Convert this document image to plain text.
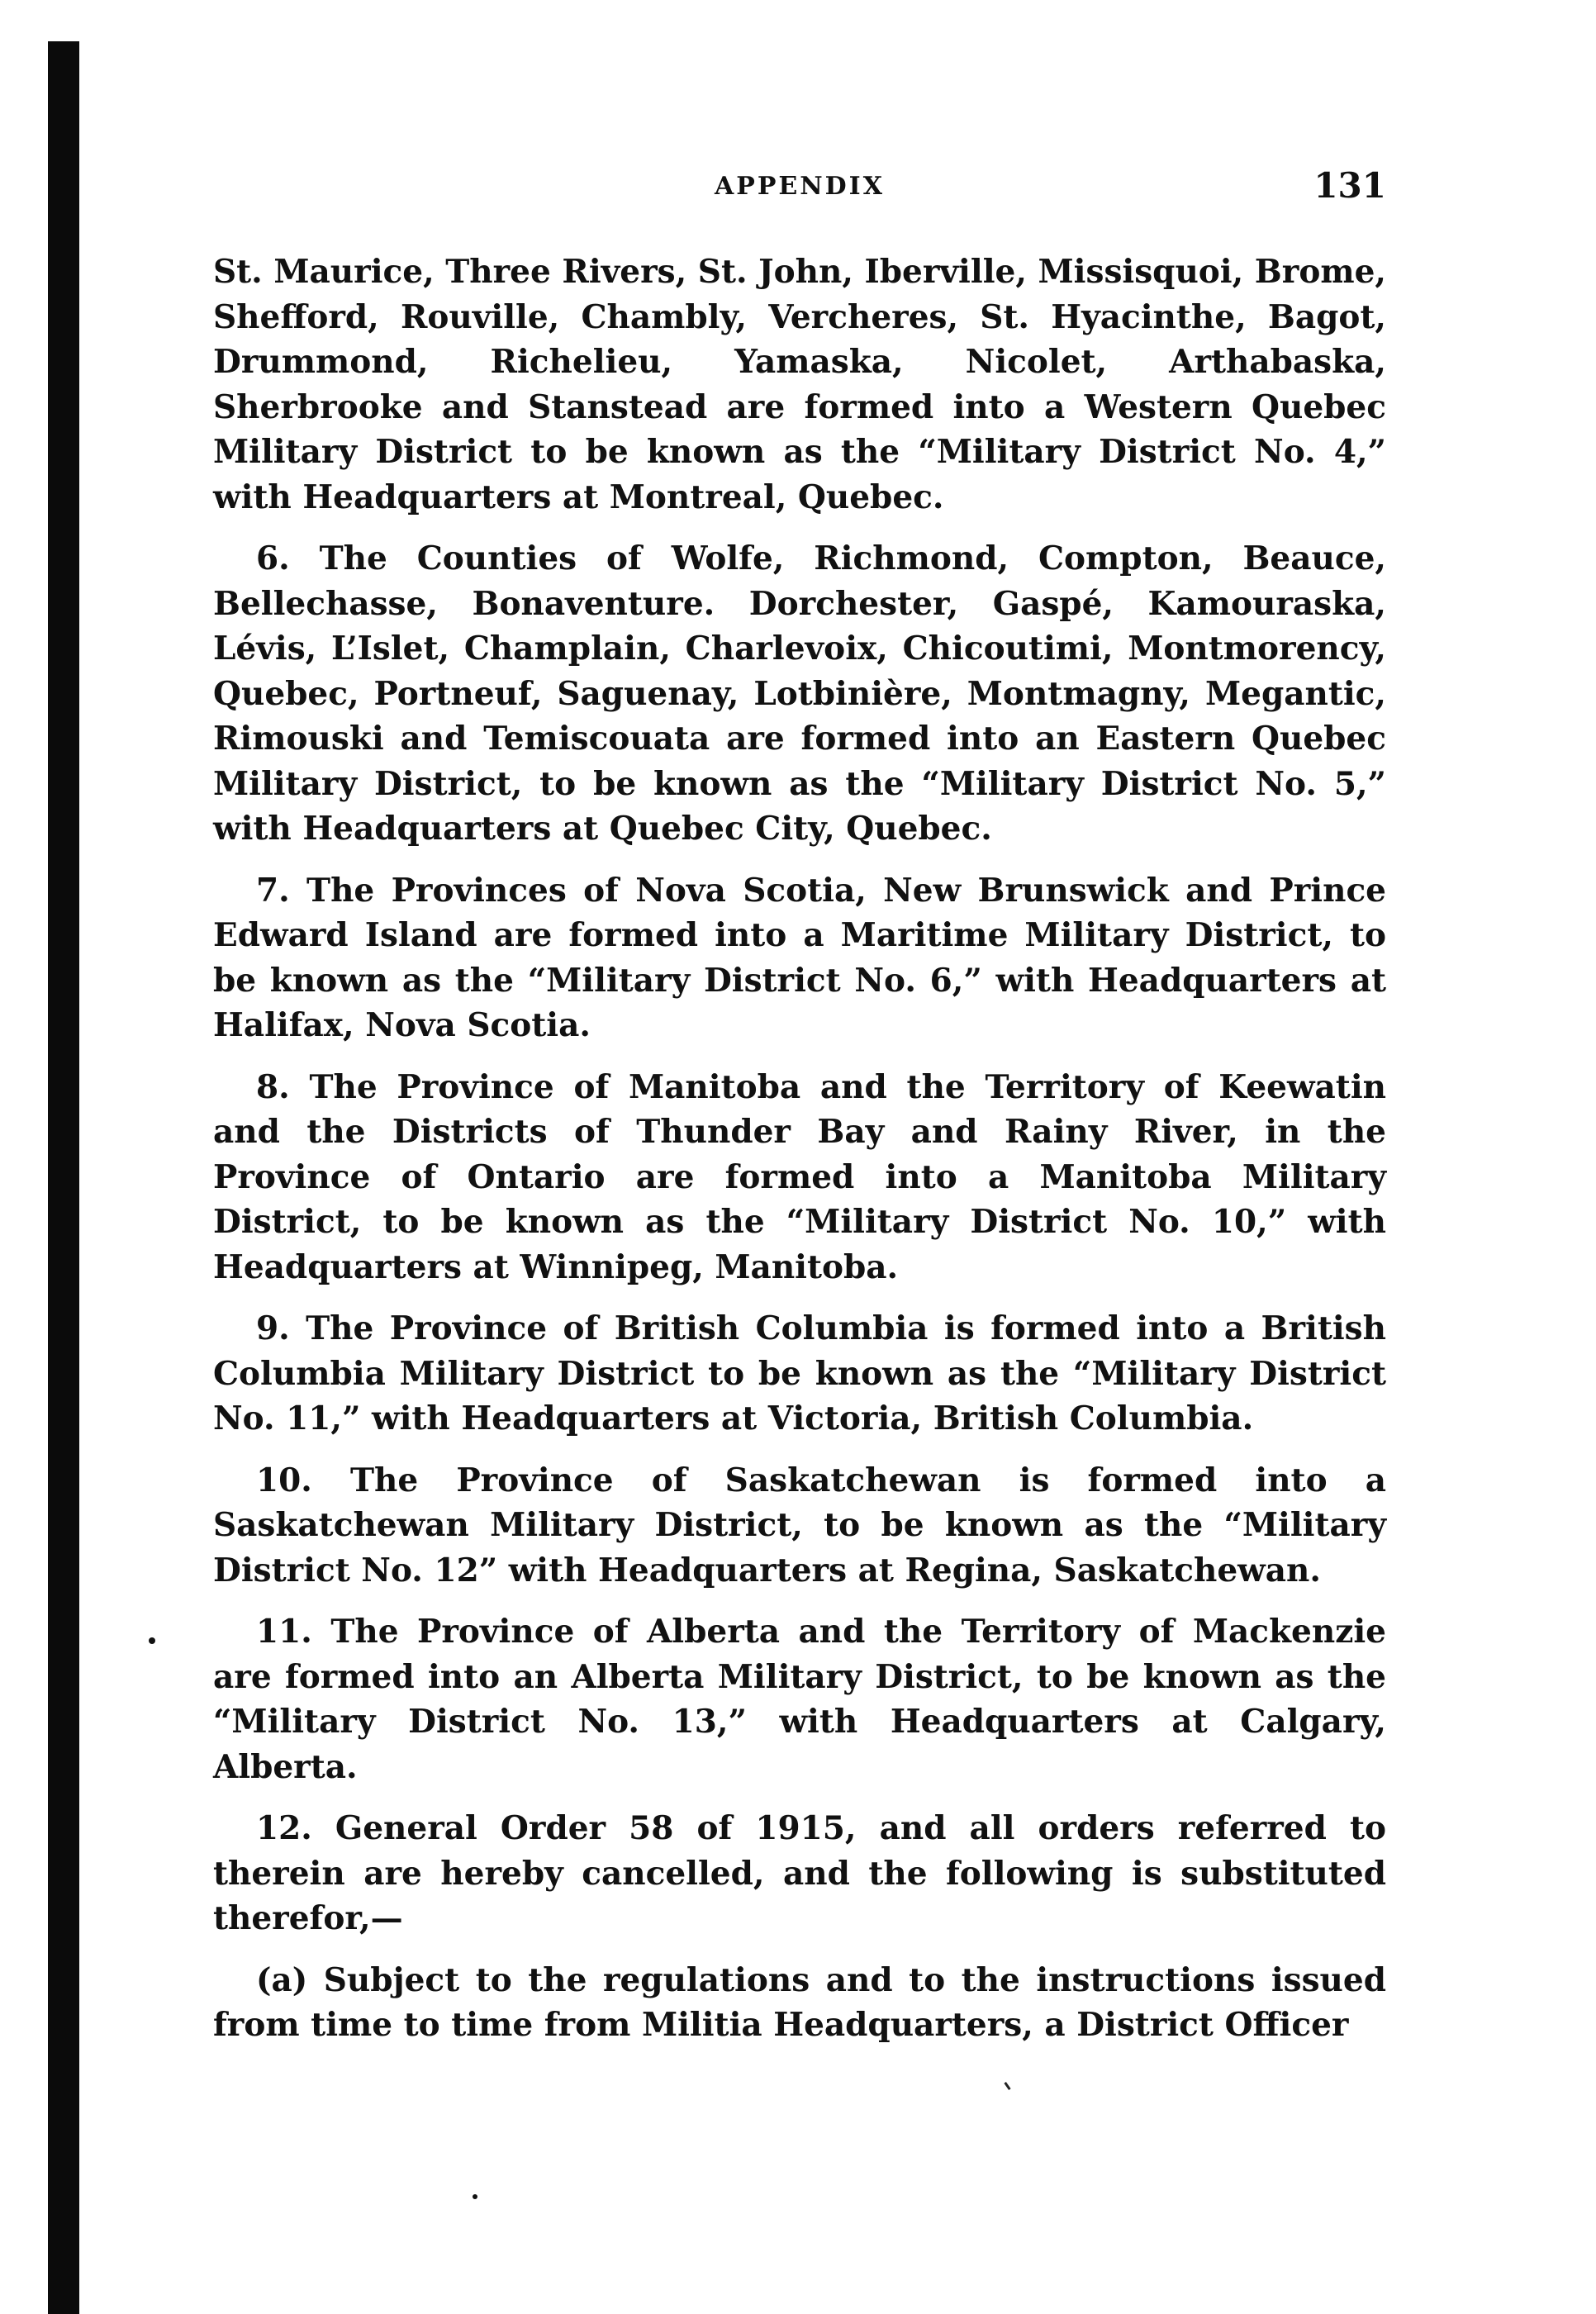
APPENDIX	131

St. Maurice, Three Rivers, St. John, Iberville, Missisquoi, Brome, Shefford, Rouville, Chambly, Vercheres, St. Hyacinthe, Bagot, Drummond, Richelieu, Yamaska, Nicolet, Arthabaska, Sherbrooke and Stanstead are formed into a Western Quebec Military District to be known as the “Military District No. 4,” with Headquarters at Montreal, Quebec.

6. The Counties of Wolfe, Richmond, Compton, Beauce, Bellechasse, Bonaventure. Dorchester, Gaspé, Kamouraska, Lévis, L’Islet, Champlain, Charlevoix, Chicoutimi, Montmorency, Quebec, Portneuf, Saguenay, Lotbinière, Montmagny, Megantic, Rimouski and Temiscouata are formed into an Eastern Quebec Military District, to be known as the “Military District No. 5,” with Headquarters at Quebec City, Quebec.

7. The Provinces of Nova Scotia, New Brunswick and Prince Edward Island are formed into a Maritime Military District, to be known as the “Military District No. 6,” with Headquarters at Halifax, Nova Scotia.

8. The Province of Manitoba and the Territory of Keewatin and the Districts of Thunder Bay and Rainy River, in the Province of Ontario are formed into a Manitoba Military District, to be known as the “Military District No. 10,” with Headquarters at Winnipeg, Manitoba.

9. The Province of British Columbia is formed into a British Columbia Military District to be known as the “Military District No. 11,” with Headquarters at Victoria, British Columbia.

10. The Province of Saskatchewan is formed into a Saskatchewan Military District, to be known as the “Military District No. 12” with Headquarters at Regina, Saskatchewan.

11. The Province of Alberta and the Territory of Mackenzie are formed into an Alberta Military District, to be known as the “Military District No. 13,” with Headquarters at Calgary, Alberta.

12. General Order 58 of 1915, and all orders referred to therein are hereby cancelled, and the following is substituted therefor,—

(a) Subject to the regulations and to the instructions issued from time to time from Militia Headquarters, a District Officer
